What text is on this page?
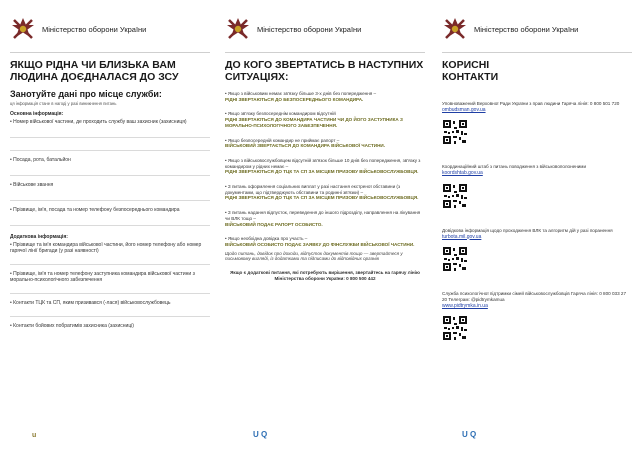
Міністерство оборони України
ЯКЩО РІДНА ЧИ БЛИЗЬКА ВАМ ЛЮДИНА ДОЄДНАЛАСЯ ДО ЗСУ
Занотуйте дані про місце служби:
ця інформація стане в нагоді у разі виникнення питань
Основна інформація:
• Номер військової частини, де проходить службу ваш захисник (захисниця)
• Посада, рота, батальйон
• Військове звання
• Прізвище, ім'я, посада та номер телефону безпосереднього командира
Додаткова інформація:
• Прізвище та ім'я командира військової частини, його номер телефону або номер гарячої лінії бригади (у разі наявності)
• Прізвище, ім'я та номер телефону заступника командира військової частини з морально-психологічного забезпечення
• Контакти ТЦК та СП, яким призивався (-лася) військовослужбовець
• Контакти бойових побратимів захисника (захисниці)
u
Міністерство оборони України
ДО КОГО ЗВЕРТАТИСЬ В НАСТУПНИХ СИТУАЦІЯХ:
• Якщо з військовим немає зв'язку більше 3-х днів без попередження –
РІДНІ ЗВЕРТАЮТЬСЯ ДО БЕЗПОСЕРЕДНЬОГО КОМАНДИРА.
• Якщо зв'язку безпосереднім командиром відсутній
РІДНІ ЗВЕРТАЮТЬСЯ ДО КОМАНДИРА ЧАСТИНИ ЧИ ДО ЙОГО ЗАСТУПНИКА З МОРАЛЬНО-ПСИХОЛОГІЧНОГО ЗАБЕЗПЕЧЕННЯ.
• Якщо безпосередній командир не приймає рапорт –
ВІЙСЬКОВИЙ ЗВЕРТАЄТЬСЯ ДО КОМАНДИРА ВІЙСЬКОВОЇ ЧАСТИНИ.
• Якщо з військовослужбовцем відсутній зв'язок більше 10 днів без попередження, зв'язку з командиром у рідних немає –
РІДНІ ЗВЕРТАЮТЬСЯ ДО ТЦК ТА СП ЗА МІСЦЕМ ПРИЗОВУ ВІЙСЬКОВОСЛУЖБОВЦЯ.
• З питань оформлення соціальних виплат у разі настання екстреної обставини (з документами, що підтверджують обставини та родинні зв'язки) –
РІДНІ ЗВЕРТАЮТЬСЯ ДО ТЦК ТА СП ЗА МІСЦЕМ ПРИЗОВУ ВІЙСЬКОВОСЛУЖБОВЦЯ.
• З питань надання відпусток, переведення до іншого підрозділу, направлення на лікування чи ВЛК тощо –
ВІЙСЬКОВИЙ ПОДАЄ РАПОРТ ОСОБИСТО.
• Якщо необхідна довідка про участь –
ВІЙСЬКОВИЙ ОСОБИСТО ПОДАЄ ЗАЯВКУ ДО ФІНСЛУЖБИ ВІЙСЬКОВОЇ ЧАСТИНИ.
Щодо питань, довідок про доходи, відпусток документів тощо — звертайтеся у письмовому вигляді, із додатками та підписами до відповідних органів
Якщо є додаткові питання, які потребують вирішення, звертайтесь на гарячу лінію Міністерства оборони України: 0 800 500 442
U Q
Міністерство оборони України
КОРИСНІ КОНТАКТИ
Уповноважений Верховної Ради України з прав людини Гаряча лінія: 0 800 501 720
ombudsman.gov.ua
Координаційний штаб з питань поводження з військовополоненими
koordshtab.gov.ua
Довідкова інформація щодо проходження ВЛК та алгоритм дій у разі поранення
turbota.mil.gov.ua
Служба психологічної підтримки сімей військовослужбовців Гаряча лінія: 0 800 033 27 20 Телеграм: @pidtrymkamua
www.pidtrymka.in.ua
U Q
